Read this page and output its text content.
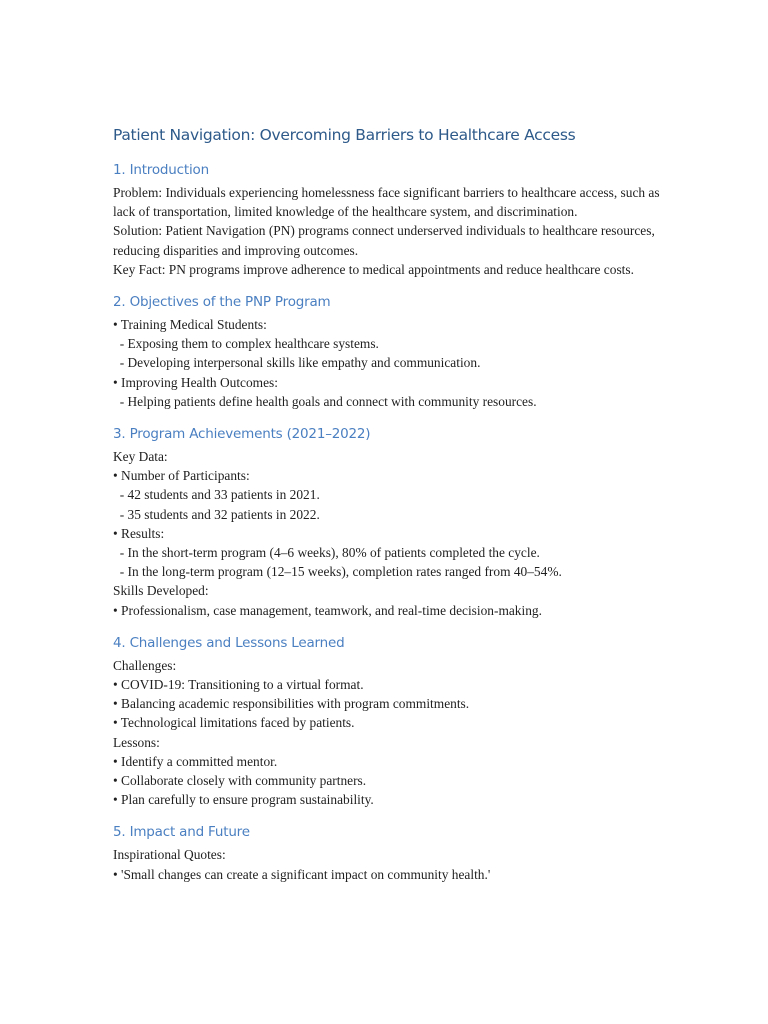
Patient Navigation: Overcoming Barriers to Healthcare Access
1. Introduction
Problem: Individuals experiencing homelessness face significant barriers to healthcare access, such as lack of transportation, limited knowledge of the healthcare system, and discrimination.
Solution: Patient Navigation (PN) programs connect underserved individuals to healthcare resources, reducing disparities and improving outcomes.
Key Fact: PN programs improve adherence to medical appointments and reduce healthcare costs.
2. Objectives of the PNP Program
• Training Medical Students:
- Exposing them to complex healthcare systems.
- Developing interpersonal skills like empathy and communication.
• Improving Health Outcomes:
- Helping patients define health goals and connect with community resources.
3. Program Achievements (2021–2022)
Key Data:
• Number of Participants:
- 42 students and 33 patients in 2021.
- 35 students and 32 patients in 2022.
• Results:
- In the short-term program (4–6 weeks), 80% of patients completed the cycle.
- In the long-term program (12–15 weeks), completion rates ranged from 40–54%.
Skills Developed:
• Professionalism, case management, teamwork, and real-time decision-making.
4. Challenges and Lessons Learned
Challenges:
• COVID-19: Transitioning to a virtual format.
• Balancing academic responsibilities with program commitments.
• Technological limitations faced by patients.
Lessons:
• Identify a committed mentor.
• Collaborate closely with community partners.
• Plan carefully to ensure program sustainability.
5. Impact and Future
Inspirational Quotes:
• 'Small changes can create a significant impact on community health.'
